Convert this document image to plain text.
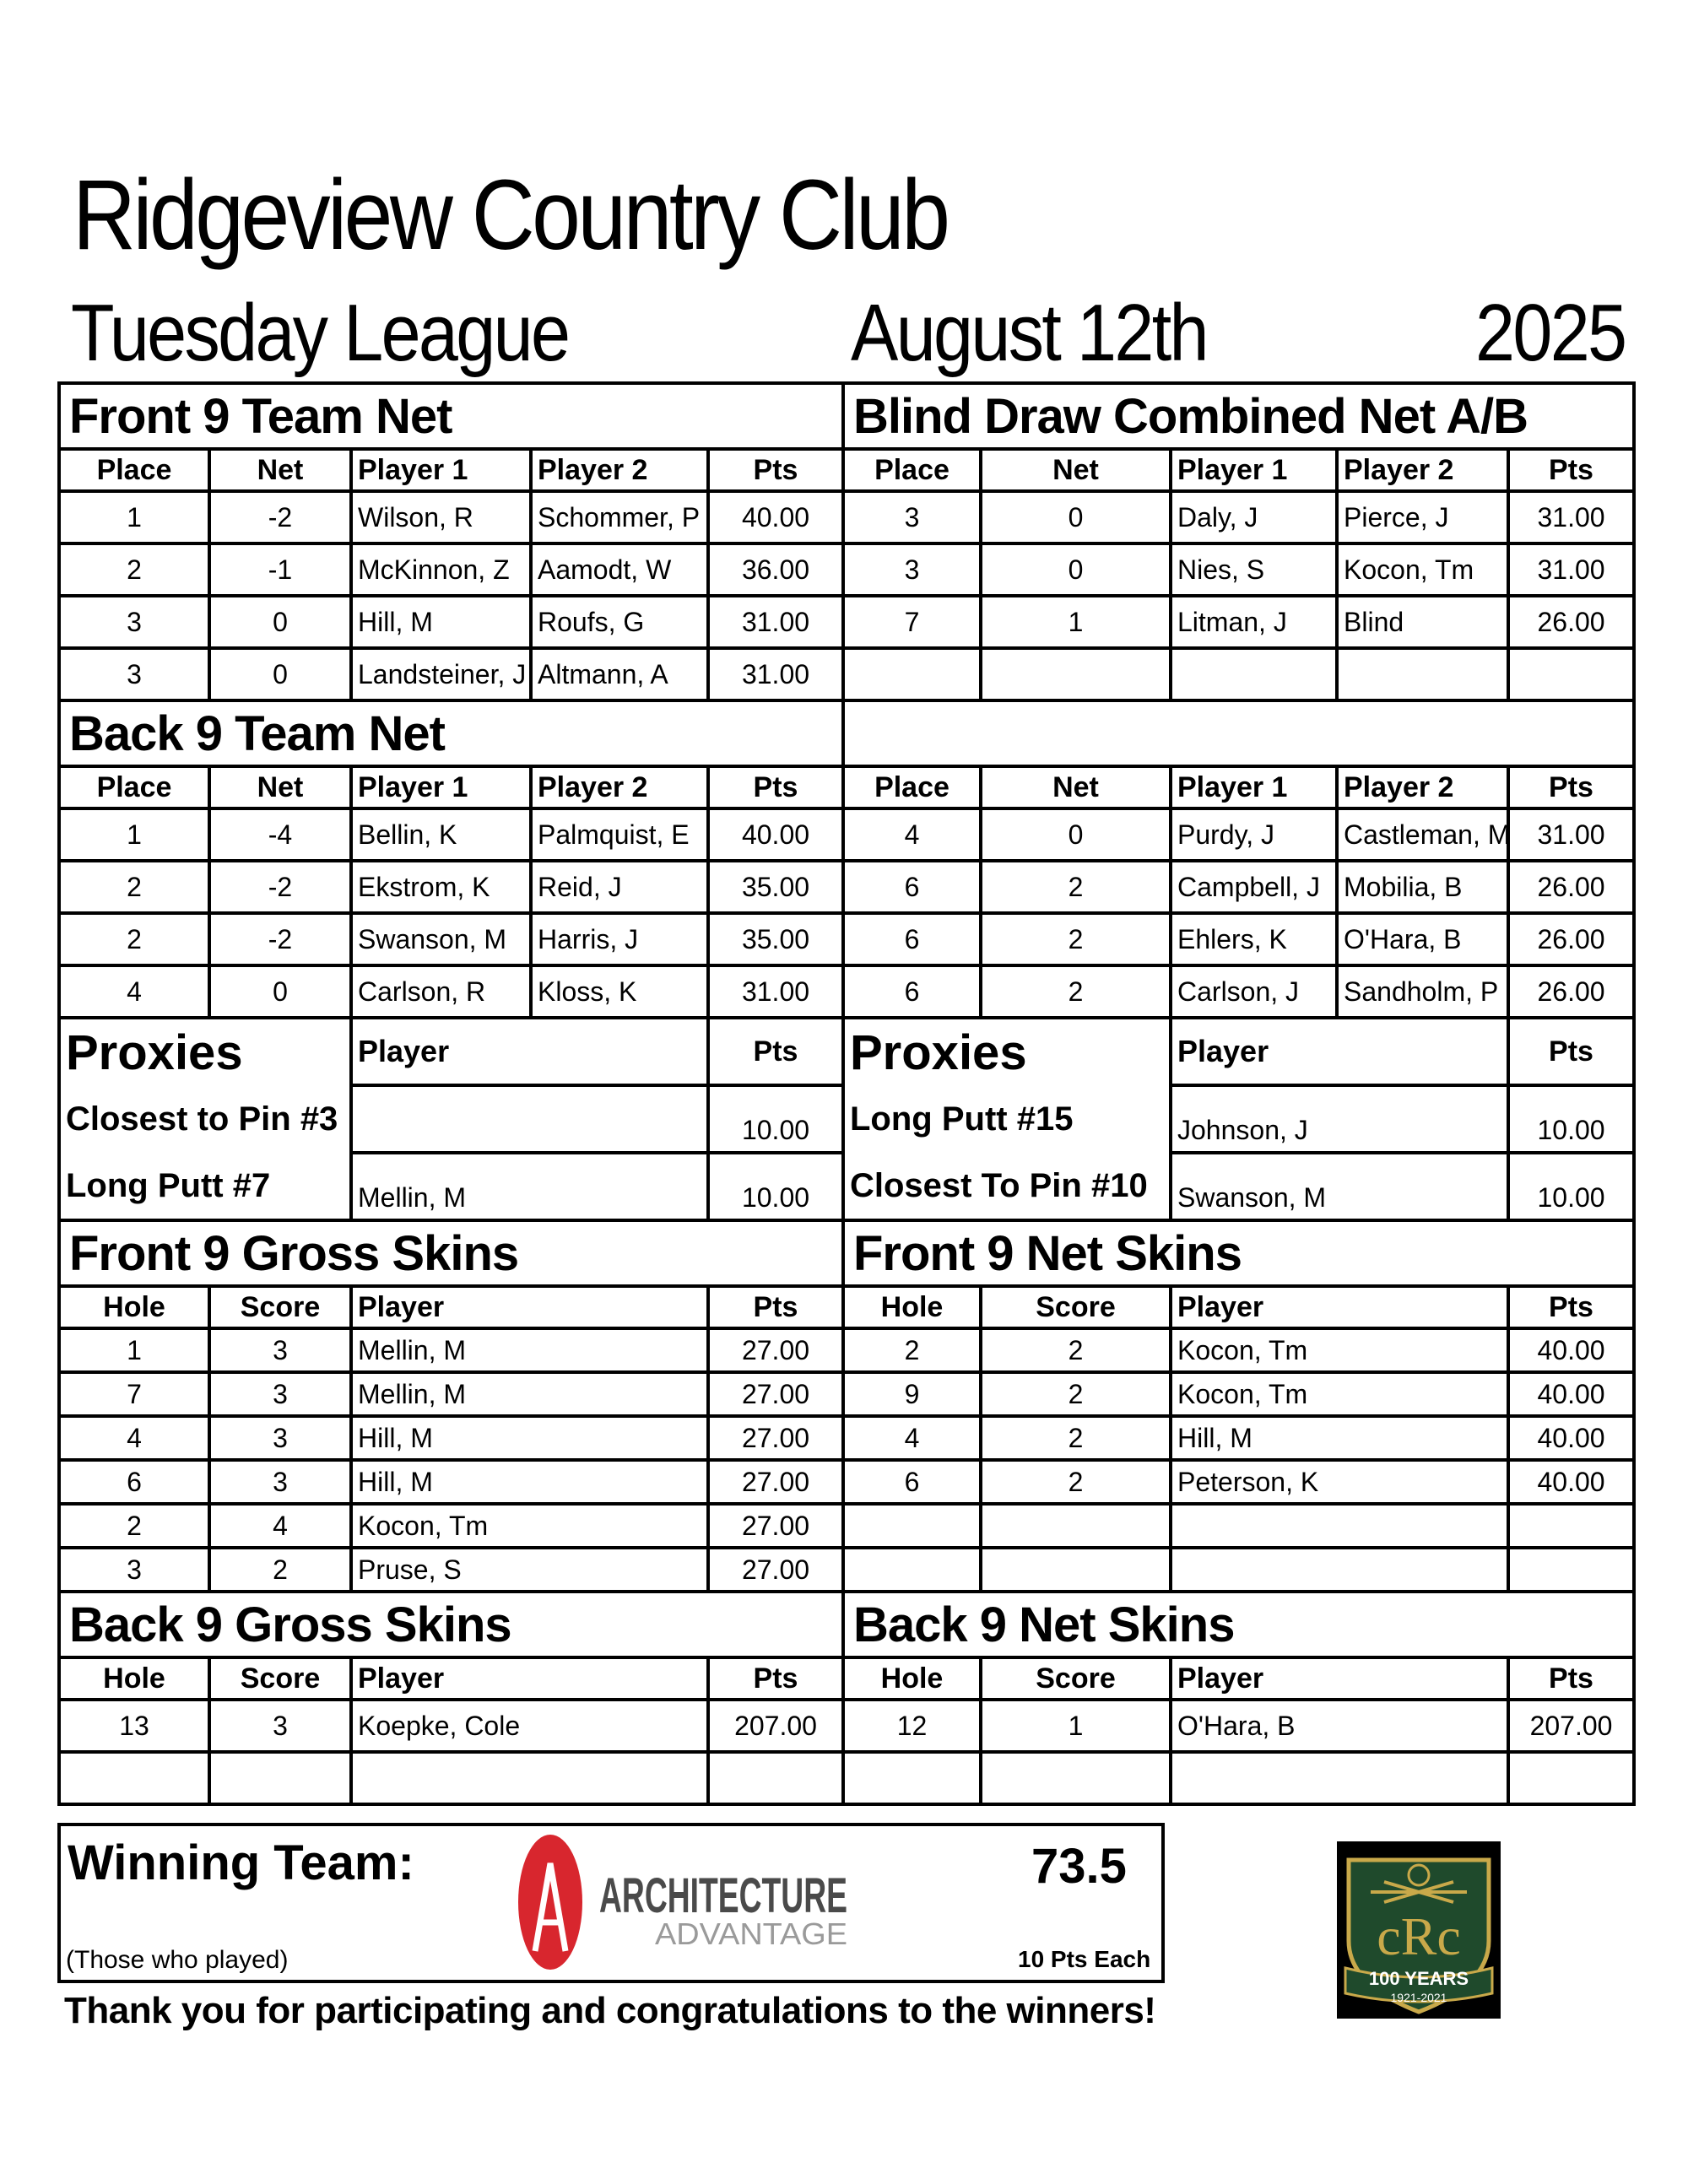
Ridgeview Country Club
Tuesday League	August 12th	2025
Front 9 Team Net					Blind Draw Combined Net A/B				
Place	Net	Player 1	Player 2	Pts	Place	Net	Player 1	Player 2	Pts
1	-2	Wilson, R	Schommer, P	40.00	3	0	Daly, J	Pierce, J	31.00
2	-1	McKinnon, Z	Aamodt, W	36.00	3	0	Nies, S	Kocon, Tm	31.00
3	0	Hill, M	Roufs, G	31.00	7	1	Litman, J	Blind	26.00
3	0	Landsteiner, J	Altmann, A	31.00					
Back 9 Team Net									
Place	Net	Player 1	Player 2	Pts	Place	Net	Player 1	Player 2	Pts
1	-4	Bellin, K	Palmquist, E	40.00	4	0	Purdy, J	Castleman, M	31.00
2	-2	Ekstrom, K	Reid, J	35.00	6	2	Campbell, J	Mobilia, B	26.00
2	-2	Swanson, M	Harris, J	35.00	6	2	Ehlers, K	O'Hara, B	26.00
4	0	Carlson, R	Kloss, K	31.00	6	2	Carlson, J	Sandholm, P	26.00
Proxies		Player		Pts	Proxies		Player		Pts
Closest to Pin #3				10.00	Long Putt #15		Johnson, J		10.00
Long Putt #7		Mellin, M		10.00	Closest To Pin #10		Swanson, M		10.00
Front 9 Gross Skins					Front 9 Net Skins				
Hole	Score	Player		Pts	Hole	Score	Player		Pts
1	3	Mellin, M		27.00	2	2	Kocon, Tm		40.00
7	3	Mellin, M		27.00	9	2	Kocon, Tm		40.00
4	3	Hill, M		27.00	4	2	Hill, M		40.00
6	3	Hill, M		27.00	6	2	Peterson, K		40.00
2	4	Kocon, Tm		27.00					
3	2	Pruse, S		27.00					
Back 9 Gross Skins					Back 9 Net Skins				
Hole	Score	Player		Pts	Hole	Score	Player		Pts
13	3	Koepke, Cole		207.00	12	1	O'Hara, B		207.00

Winning Team:
ARCHITECTURE
ADVANTAGE
73.5
(Those who played)	10 Pts Each
Thank you for participating and congratulations to the winners!
cRc
100 YEARS
1921-2021
